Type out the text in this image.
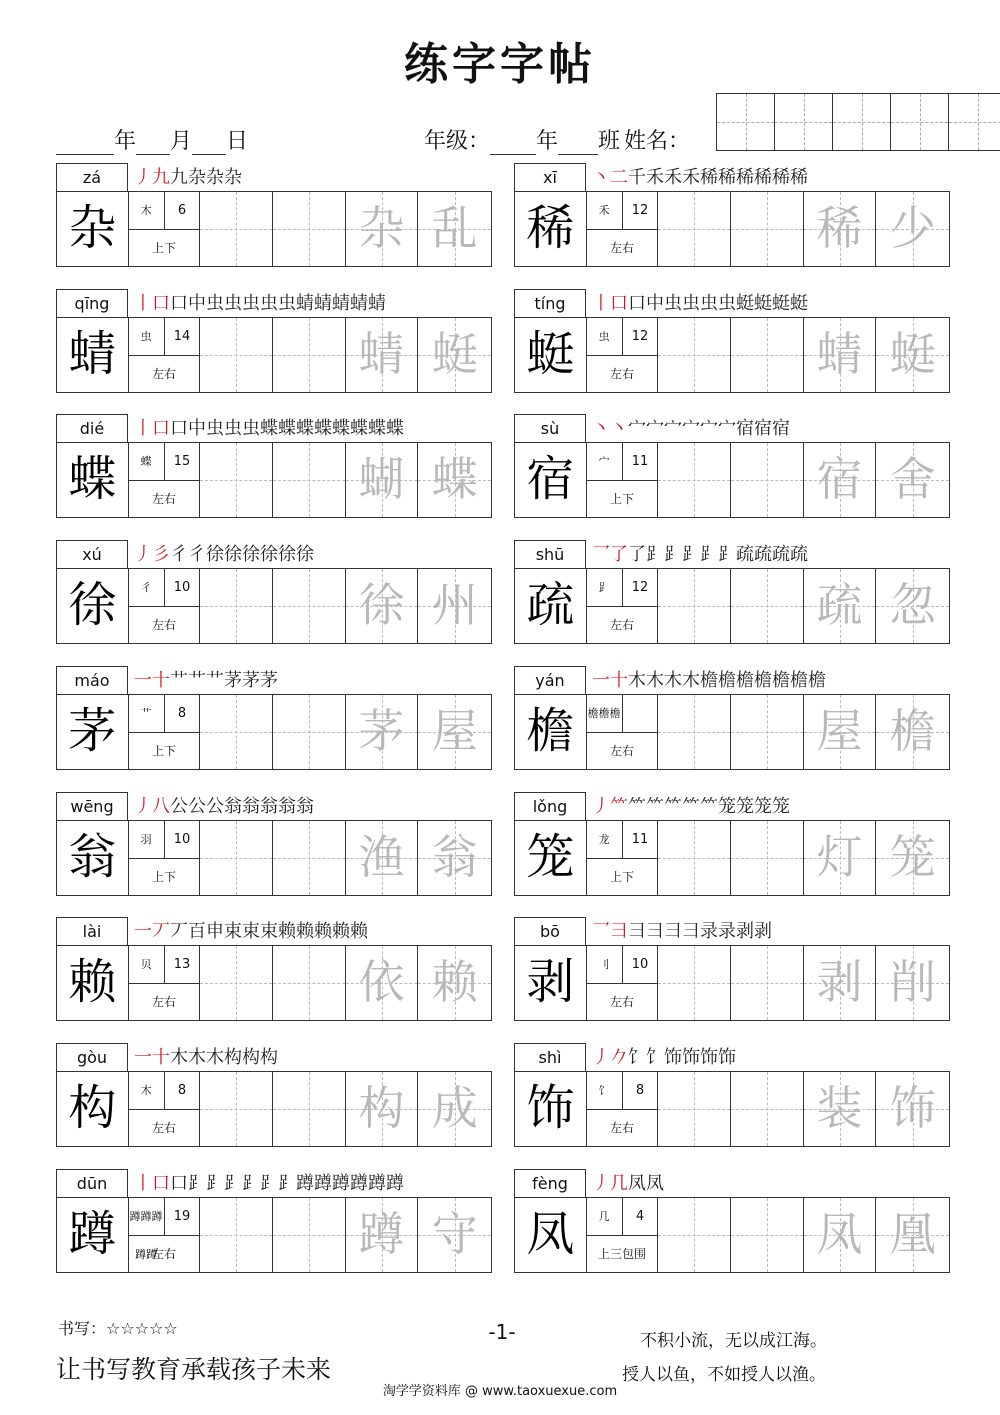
练字字帖
年 月 日	年级： 年 班 姓名：
zá	丿九九杂杂杂
杂	木	6
上下	杂 乱
xī	丶二千禾禾禾稀稀稀稀稀稀
稀	禾	12
左右	稀 少
qīng	丨口口中虫虫虫虫虫蜻蜻蜻蜻蜻
蜻	虫	14
左右	蜻 蜓
tíng	丨口口中虫虫虫虫蜓蜓蜓蜓
蜓	虫	12
左右	蜻 蜓
dié	丨口口中虫虫虫蝶蝶蝶蝶蝶蝶蝶蝶
蝶	蝶	15
左右	蝴 蝶
sù	丶丶宀宀宀宀宀宀宿宿宿
宿	宀	11
上下	宿 舍
xú	丿彡彳彳徐徐徐徐徐徐
徐	彳	10
左右	徐 州
shū	乛了了⻊⻊⻊⻊⻊疏疏疏疏
疏	⻊	12
左右	疏 忽
máo	一十艹艹艹茅茅茅
茅	艹	8
上下	茅 屋
yán	一十木木木木檐檐檐檐檐檐檐
檐	檐檐檐
左右	屋 檐
wēng	丿八公公公翁翁翁翁翁
翁	羽	10
上下	渔 翁
lǒng	丿⺮⺮⺮⺮⺮⺮笼笼笼笼
笼	龙	11
上下	灯 笼
lài	一丆丆百申束束束赖赖赖赖赖
赖	贝	13
左右	依 赖
bō	乛彐彐彐彐彐录录剥剥
剥	刂	10
左右	剥 削
gòu	一十木木木构构构
构	木	8
左右	构 成
shì	丿𠂊饣饣饰饰饰饰
饰	饣	8
左右	装 饰
dūn	丨口口⻊⻊⻊⻊⻊⻊蹲蹲蹲蹲蹲蹲
蹲	蹲蹲蹲蹲蹲
19
左右	蹲 守
fèng	丿几凤凤
凤	几	4
上三包围	凤 凰
书写：☆☆☆☆☆
让书写教育承载孩子未来
-1-	不积小流，无以成江海。
授人以鱼，不如授人以渔。
淘学学资料库 @ www.taoxuexue.com
